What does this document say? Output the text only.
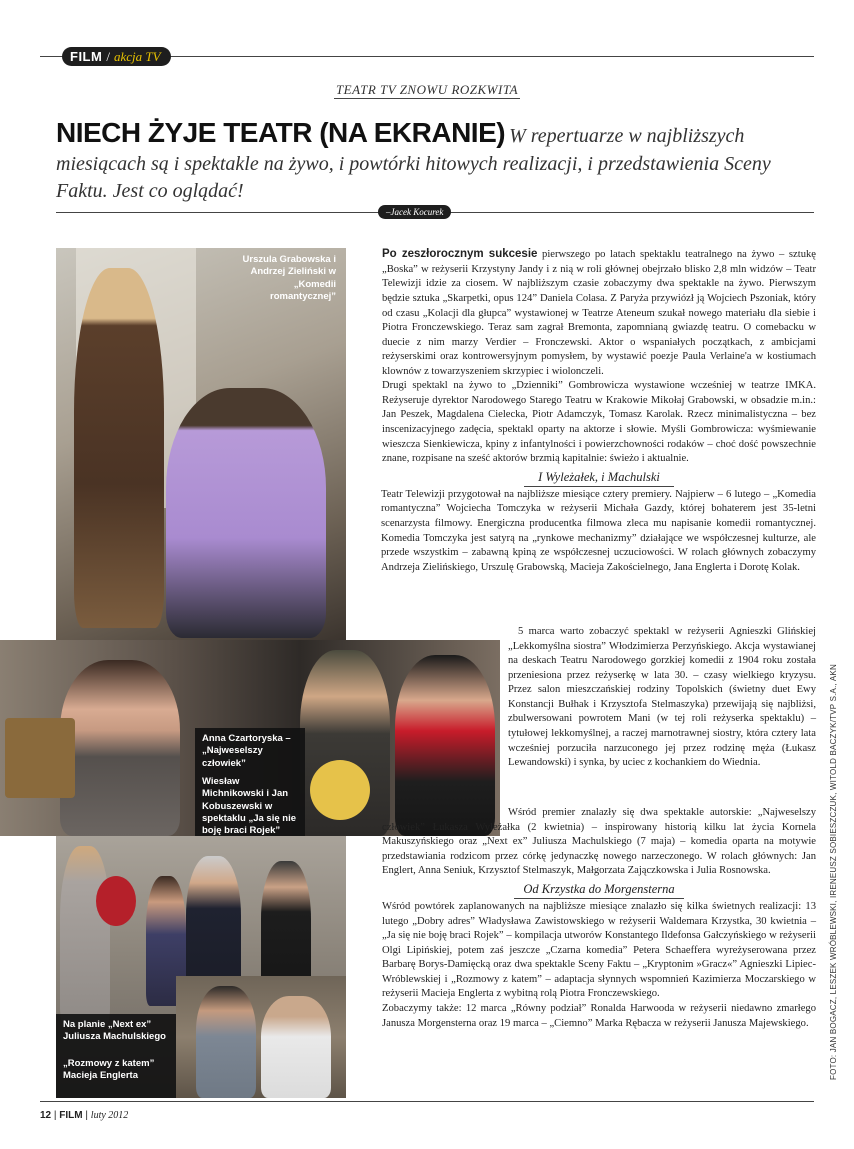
FILM / akcja TV
TEATR TV ZNOWU ROZKWITA
NIECH ŻYJE TEATR (NA EKRANIE) W repertuarze w najbliższych miesiącach są i spektakle na żywo, i powtórki hitowych realizacji, i przedstawienia Sceny Faktu. Jest co oglądać!
–Jacek Kocurek
Urszula Grabowska i Andrzej Zieliński w „Komedii romantycznej”
Anna Czartoryska – „Najweselszy człowiek”
Wiesław Michnikowski i Jan Kobuszewski w spektaklu „Ja się nie boję braci Rojek”
Na planie „Next ex” Juliusza Machulskiego
„Rozmowy z katem” Macieja Englerta

Po zeszłorocznym sukcesie pierwszego po latach spektaklu teatralnego na żywo – sztukę „Boska” w reżyserii Krzystyny Jandy i z nią w roli głównej obejrzało blisko 2,8 mln widzów – Teatr Telewizji idzie za ciosem. W najbliższym czasie zobaczymy dwa spektakle na żywo. Pierwszym będzie sztuka „Skarpetki, opus 124” Daniela Colasa. Z Paryża przywiózł ją Wojciech Pszoniak, który od czasu „Kolacji dla głupca” wystawionej w Teatrze Ateneum szukał nowego materiału dla siebie i Piotra Fronczewskiego. Teraz sam zagrał Bremonta, zapomnianą gwiazdę teatru. O comebacku w duecie z nim marzy Verdier – Fronczewski. Aktor o wspaniałych początkach, z ambicjami reżyserskimi oraz kontrowersyjnym pomysłem, by wystawić poezje Paula Verlaine'a w kostiumach klownów z towarzyszeniem skrzypiec i wiolonczeli.

Drugi spektakl na żywo to „Dzienniki” Gombrowicza wystawione wcześniej w teatrze IMKA. Reżyseruje dyrektor Narodowego Starego Teatru w Krakowie Mikołaj Grabowski, w obsadzie m.in.: Jan Peszek, Magdalena Cielecka, Piotr Adamczyk, Tomasz Karolak. Rzecz minimalistyczna – bez inscenizacyjnego zadęcia, spektakl oparty na aktorze i słowie. Myśli Gombrowicza: wyśmiewanie wieszcza Sienkiewicza, kpiny z infantylności i powierzchowności rodaków – choć dość powszechnie znane, rozpisane na sześć aktorów brzmią kapitalnie: świeżo i aktualnie.

I Wyleżałek, i Machulski

Teatr Telewizji przygotował na najbliższe miesiące cztery premiery. Najpierw – 6 lutego – „Komedia romantyczna” Wojciecha Tomczyka w reżyserii Michała Gazdy, której bohaterem jest 35-letni scenarzysta filmowy. Energiczna producentka filmowa zleca mu napisanie komedii romantycznej. Komedia Tomczyka jest satyrą na „rynkowe mechanizmy” działające we współczesnej kulturze, ale przede wszystkim – zabawną kpiną ze współczesnej uczuciowości. W rolach głównych zobaczymy Andrzeja Zielińskiego, Urszulę Grabowską, Macieja Zakościelnego, Jana Englerta i Dorotę Kolak.

5 marca warto zobaczyć spektakl w reżyserii Agnieszki Glińskiej „Lekkomyślna siostra” Włodzimierza Perzyńskiego. Akcja wystawianej na deskach Teatru Narodowego gorzkiej komedii z 1904 roku została przeniesiona przez reżyserkę w lata 30. – czasy wielkiego kryzysu. Przez salon mieszczańskiej rodziny Topolskich (świetny duet Ewy Konstancji Bułhak i Krzysztofa Stelmaszyka) przewijają się najbliżsi, zbulwersowani powrotem Mani (w tej roli reżyserka spektaklu) – tytułowej lekkomyślnej, a raczej marnotrawnej siostry, która cztery lata wcześniej porzuciła narzuconego jej przez rodzinę męża (Łukasz Lewandowski) i synka, by uciec z kochankiem do Wiednia.

Wśród premier znalazły się dwa spektakle autorskie: „Najweselszy człowiek” Łukasza Wyleżałka (2 kwietnia) – inspirowany historią kilku lat życia Kornela Makuszyńskiego oraz „Next ex” Juliusza Machulskiego (7 maja) – komedia oparta na motywie przedstawiania rodzicom przez córkę jedynaczkę nowego narzeczonego. W rolach głównych: Jan Englert, Anna Seniuk, Krzysztof Stelmaszyk, Małgorzata Zajączkowska i Julia Rosnowska.

Od Krzystka do Morgensterna

Wśród powtórek zaplanowanych na najbliższe miesiące znalazło się kilka świetnych realizacji: 13 lutego „Dobry adres” Władysława Zawistowskiego w reżyserii Waldemara Krzystka, 30 kwietnia – „Ja się nie boję braci Rojek” – kompilacja utworów Konstantego Ildefonsa Gałczyńskiego w reżyserii Olgi Lipińskiej, potem zaś jeszcze „Czarna komedia” Petera Schaeffera wyreżyserowana przez Barbarę Borys-Damięcką oraz dwa spektakle Sceny Faktu – „Kryptonim »Gracz«” Agnieszki Lipiec-Wróblewskiej i „Rozmowy z katem” – adaptacja słynnych wspomnień Kazimierza Moczarskiego w reżyserii Macieja Englerta z wybitną rolą Piotra Fronczewskiego.

Zobaczymy także: 12 marca „Równy podział” Ronalda Harwooda w reżyserii niedawno zmarłego Janusza Morgensterna oraz 19 marca – „Ciemno” Marka Rębacza w reżyserii Janusza Majewskiego.	FOTO: JAN BOGACZ, LESZEK WRÓBLEWSKI, IRENEUSZ SOBIESZCZUK, WITOLD BACZYK/TVP S.A., AKN
12 | FILM | luty 2012
